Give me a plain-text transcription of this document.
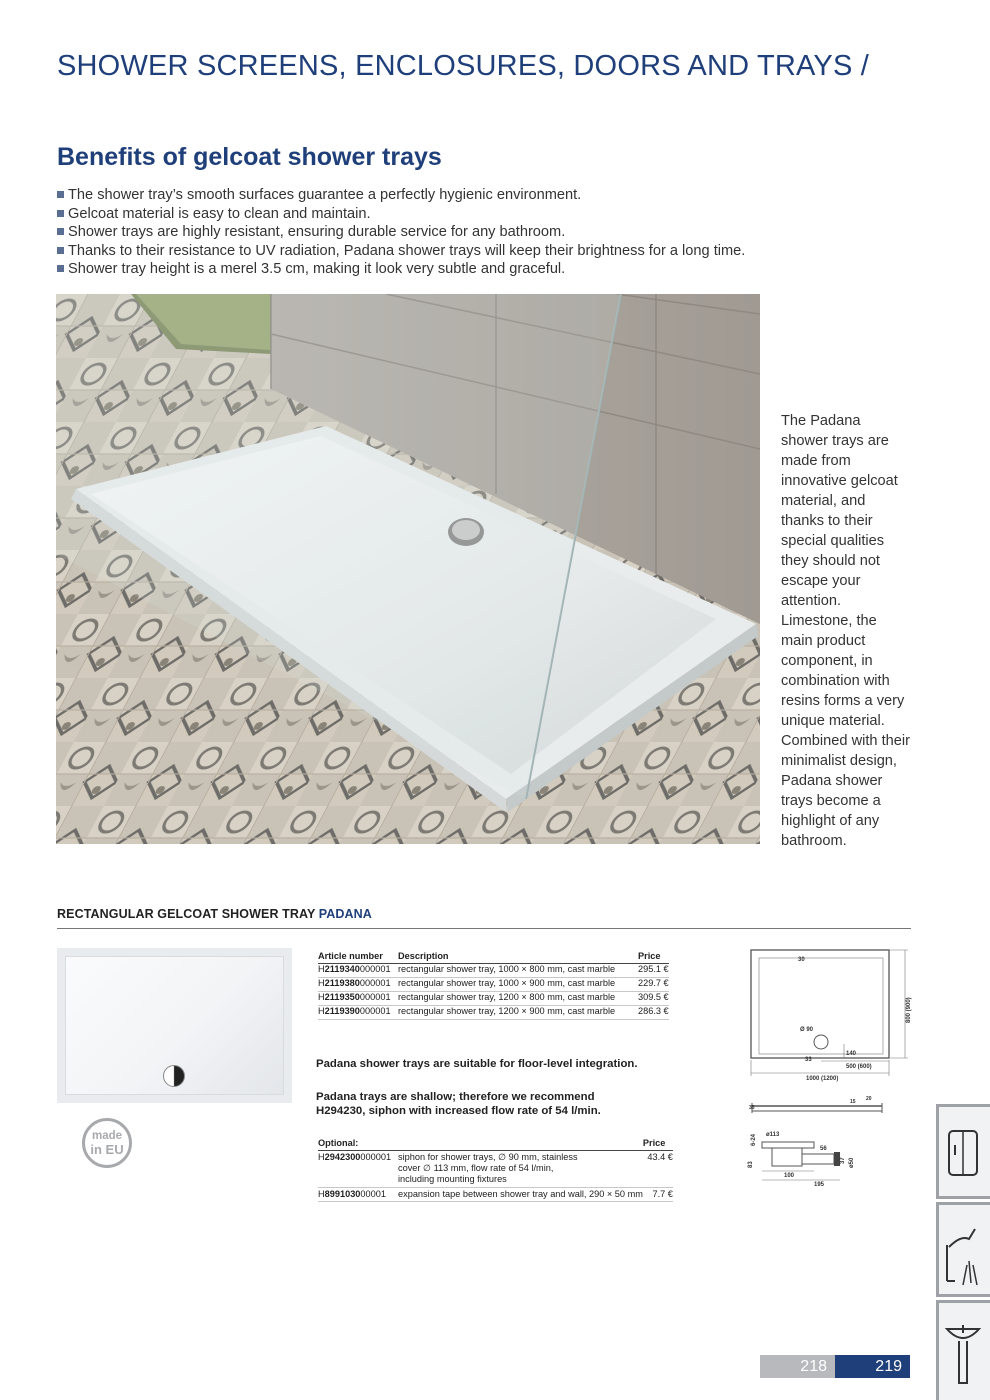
SHOWER SCREENS, ENCLOSURES, DOORS AND TRAYS /
Benefits of gelcoat shower trays
The shower tray’s smooth surfaces guarantee a perfectly hygienic environment.
Gelcoat material is easy to clean and maintain.
Shower trays are highly resistant, ensuring durable service for any bathroom.
Thanks to their resistance to UV radiation, Padana shower trays will keep their brightness for a long time.
Shower tray height is a merel 3.5 cm, making it look very subtle and graceful.
The Padana shower trays are made from innovative gelcoat material, and thanks to their special qualities they should not escape your attention. Limestone, the main product component, in combination with resins forms a very unique material. Combined with their minimalist design, Padana shower trays become a highlight of any bathroom.
RECTANGULAR GELCOAT SHOWER TRAY PADANA
made
in EU
Article number	Description	Price
H2119340000001	rectangular shower tray, 1000 × 800 mm, cast marble	295.1 €
H2119380000001	rectangular shower tray, 1000 × 900 mm, cast marble	229.7 €
H2119350000001	rectangular shower tray, 1200 × 800 mm, cast marble	309.5 €
H2119390000001	rectangular shower tray, 1200 × 900 mm, cast marble	286.3 €
Padana shower trays are suitable for floor-level integration.
Padana trays are shallow; therefore we recommend
H294230, siphon with increased flow rate of 54 l/min.
Optional:		Price
H2942300000001	siphon for shower trays, ∅ 90 mm, stainless cover ∅ 113 mm, flow rate of 54 l/min, including mounting fixtures	43.4 €
H899103000001	expansion tape between shower tray and wall, 290 × 50 mm	7.7 €
30
Ø 90
33
140
500 (600)
1000 (1200)
800 (900)
35
15 20
ø113
6-24
56
83
37 ø50
100
195
218	219
